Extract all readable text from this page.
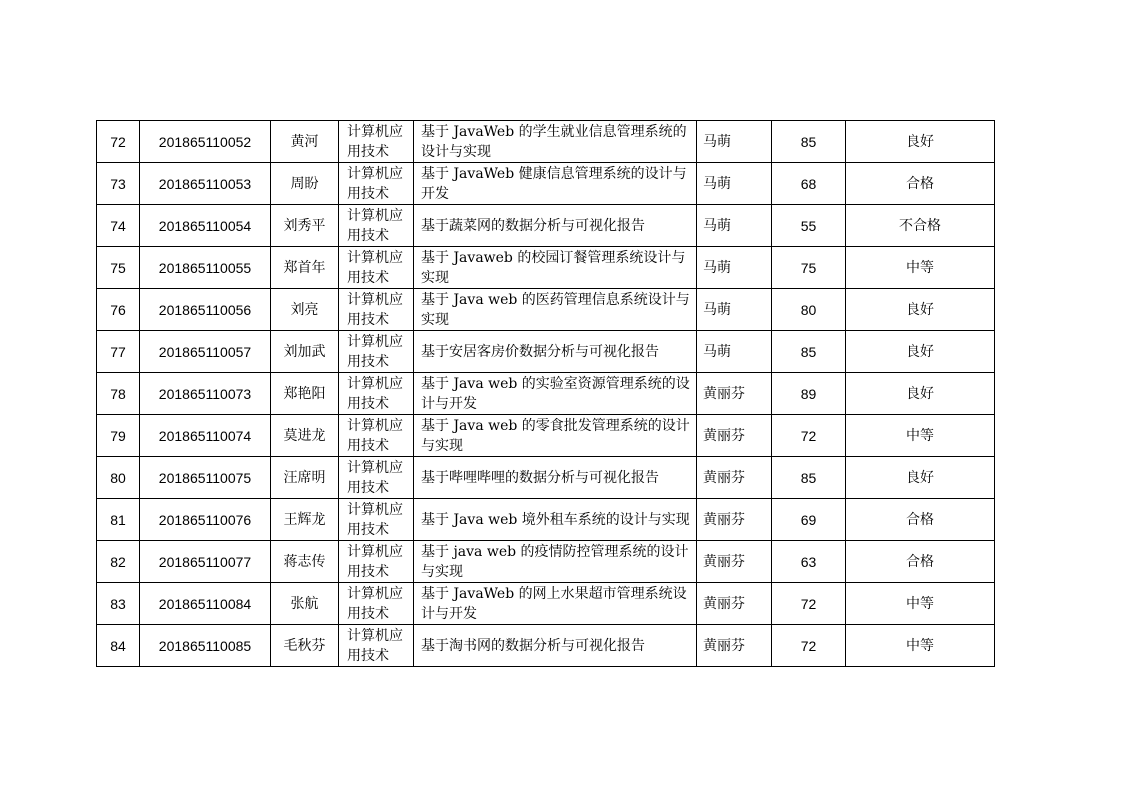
72	201865110052	黄河	计算机应用技术	基于 JavaWeb 的学生就业信息管理系统的设计与实现	马萌	85	良好
73	201865110053	周盼	计算机应用技术	基于 JavaWeb 健康信息管理系统的设计与开发	马萌	68	合格
74	201865110054	刘秀平	计算机应用技术	基于蔬菜网的数据分析与可视化报告	马萌	55	不合格
75	201865110055	郑首年	计算机应用技术	基于 Javaweb 的校园订餐管理系统设计与实现	马萌	75	中等
76	201865110056	刘亮	计算机应用技术	基于 Java web 的医药管理信息系统设计与实现	马萌	80	良好
77	201865110057	刘加武	计算机应用技术	基于安居客房价数据分析与可视化报告	马萌	85	良好
78	201865110073	郑艳阳	计算机应用技术	基于 Java web 的实验室资源管理系统的设计与开发	黄丽芬	89	良好
79	201865110074	莫进龙	计算机应用技术	基于 Java web 的零食批发管理系统的设计与实现	黄丽芬	72	中等
80	201865110075	汪席明	计算机应用技术	基于哔哩哔哩的数据分析与可视化报告	黄丽芬	85	良好
81	201865110076	王辉龙	计算机应用技术	基于 Java web 境外租车系统的设计与实现	黄丽芬	69	合格
82	201865110077	蒋志传	计算机应用技术	基于 java web 的疫情防控管理系统的设计与实现	黄丽芬	63	合格
83	201865110084	张航	计算机应用技术	基于 JavaWeb 的网上水果超市管理系统设计与开发	黄丽芬	72	中等
84	201865110085	毛秋芬	计算机应用技术	基于淘书网的数据分析与可视化报告	黄丽芬	72	中等
